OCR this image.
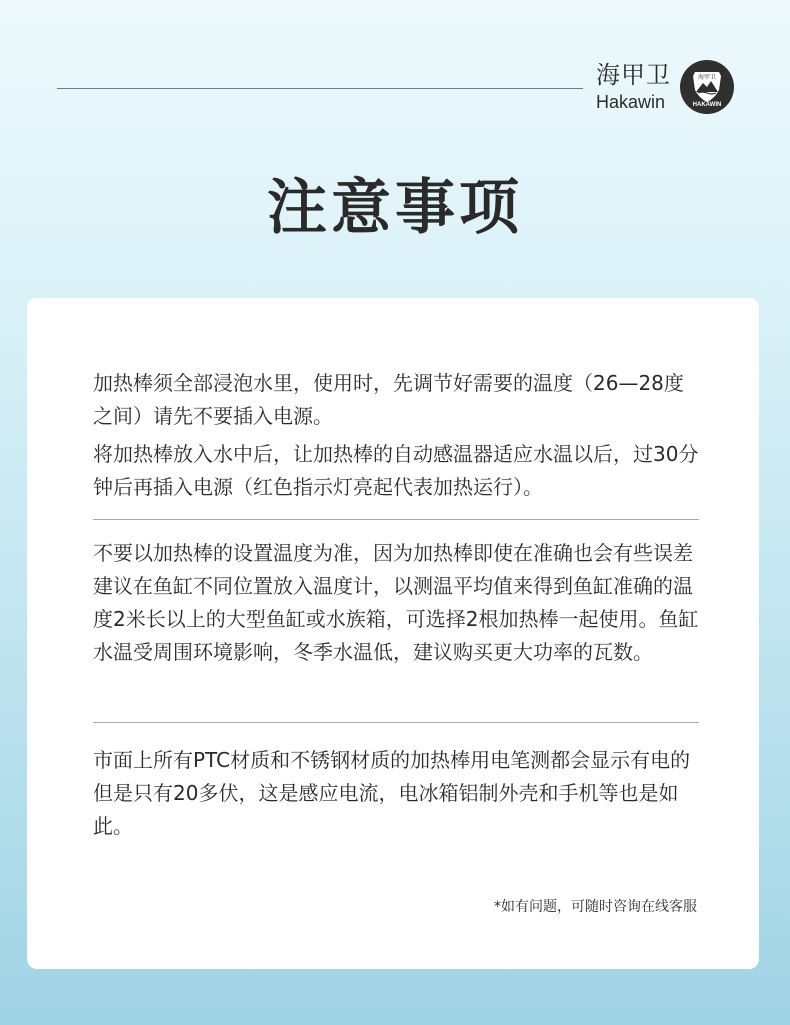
海甲卫
Hakawin
海甲卫
HAKAWIN
注意事项

加热棒须全部浸泡水里，使用时，先调节好需要的温度（26—28度之间）请先不要插入电源。

将加热棒放入水中后，让加热棒的自动感温器适应水温以后，过30分钟后再插入电源（红色指示灯亮起代表加热运行）。

不要以加热棒的设置温度为准，因为加热棒即使在准确也会有些误差建议在鱼缸不同位置放入温度计，以测温平均值来得到鱼缸准确的温度2米长以上的大型鱼缸或水族箱，可选择2根加热棒一起使用。鱼缸水温受周围环境影响，冬季水温低，建议购买更大功率的瓦数。

市面上所有PTC材质和不锈钢材质的加热棒用电笔测都会显示有电的但是只有20多伏，这是感应电流，电冰箱铝制外壳和手机等也是如此。

*如有问题，可随时咨询在线客服
